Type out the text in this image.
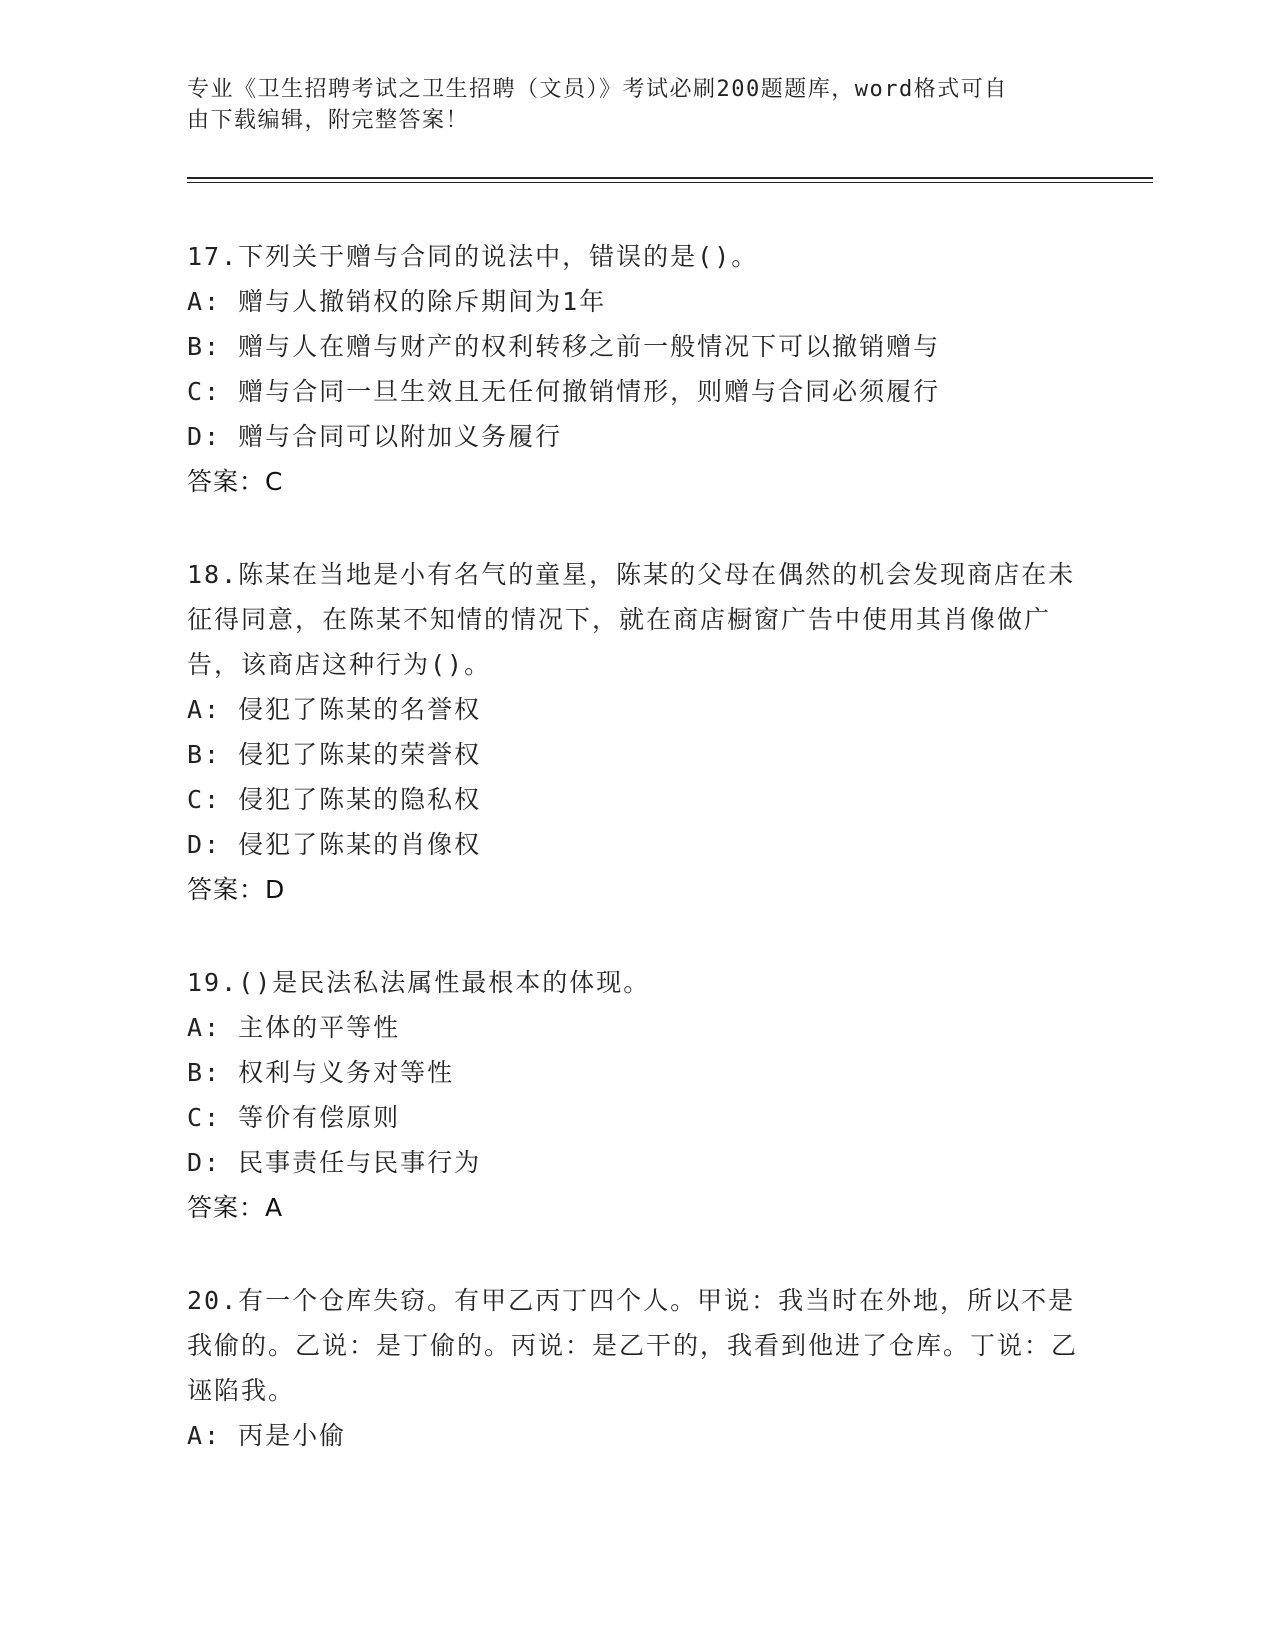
专业《卫生招聘考试之卫生招聘（文员）》考试必刷200题题库，word格式可自
由下载编辑，附完整答案！
17.下列关于赠与合同的说法中，错误的是()。
A: 赠与人撤销权的除斥期间为1年
B: 赠与人在赠与财产的权利转移之前一般情况下可以撤销赠与
C: 赠与合同一旦生效且无任何撤销情形，则赠与合同必须履行
D: 赠与合同可以附加义务履行
答案：C
18.陈某在当地是小有名气的童星，陈某的父母在偶然的机会发现商店在未征得同意，在陈某不知情的情况下，就在商店橱窗广告中使用其肖像做广告，该商店这种行为()。
A: 侵犯了陈某的名誉权
B: 侵犯了陈某的荣誉权
C: 侵犯了陈某的隐私权
D: 侵犯了陈某的肖像权
答案：D
19.()是民法私法属性最根本的体现。
A: 主体的平等性
B: 权利与义务对等性
C: 等价有偿原则
D: 民事责任与民事行为
答案：A
20.有一个仓库失窃。有甲乙丙丁四个人。甲说：我当时在外地，所以不是我偷的。乙说：是丁偷的。丙说：是乙干的，我看到他进了仓库。丁说：乙诬陷我。
A: 丙是小偷
